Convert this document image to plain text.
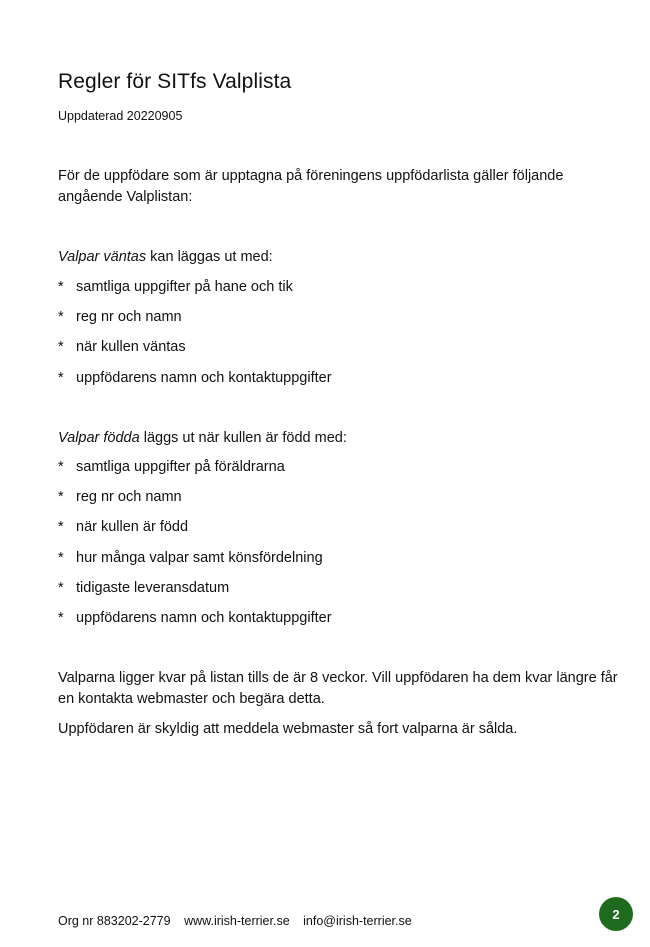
Regler för SITfs Valplista
Uppdaterad 20220905

För de uppfödare som är upptagna på föreningens uppfödarlista gäller följande angående Valplistan:

Valpar väntas kan läggas ut med:

* samtliga uppgifter på hane och tik
* reg nr och namn
* när kullen väntas
* uppfödarens namn och kontaktuppgifter

Valpar födda läggs ut när kullen är född med:

* samtliga uppgifter på föräldrarna
* reg nr och namn
* när kullen är född
* hur många valpar samt könsfördelning
* tidigaste leveransdatum
* uppfödarens namn och kontaktuppgifter

Valparna ligger kvar på listan tills de är 8 veckor. Vill uppfödaren ha dem kvar längre får en kontakta webmaster och begära detta.

Uppfödaren är skyldig att meddela webmaster så fort valparna är sålda.

Org nr 883202-2779 www.irish-terrier.se info@irish-terrier.se	2
